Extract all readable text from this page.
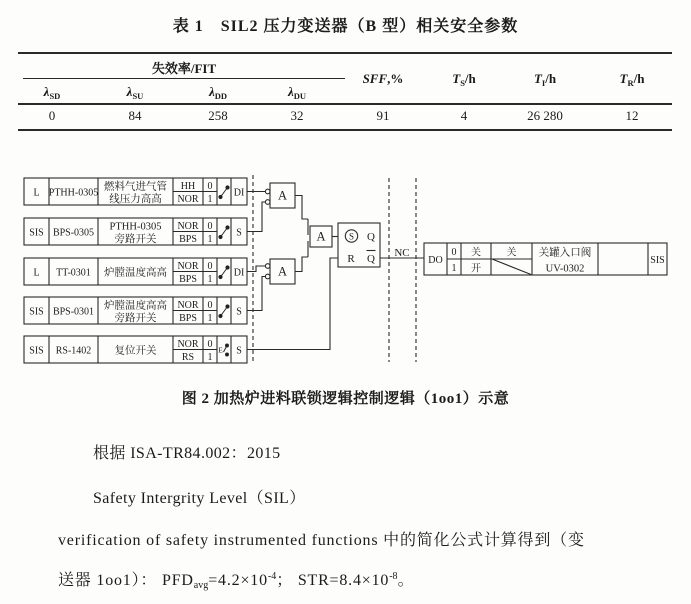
表 1　SIL2 压力变送器（B 型）相关安全参数
失效率/FIT
$\lambda_{SD}$	$\lambda_{SU}$	$\lambda_{DD}$	$\lambda_{DU}$
SFF,%	$T_S/h$	$T_I/h$	$T_R/h$
0	84	258	32	91	4	26 280	12
L PTHH-0305
燃料气进气管
线压力高高
HH 0
NOR 1
DI
SIS BPS-0305
PTHH-0305
旁路开关
NOR 0
BPS 1
S
L TT-0301 炉膛温度高高
NOR 0
BPS 1
DI
SIS BPS-0301
炉膛温度高高
旁路开关
NOR 0
BPS 1
S
SIS RS-1402 复位开关
NOR 0
RS 1
E S
A
A
A	S Q
R Q NC
DO
0
1
关
开
关 关罐入口阀
UV-0302
SIS
图 2 加热炉进料联锁逻辑控制逻辑（1oo1）示意
根据 ISA-TR84.002：2015
Safety Intergrity Level（SIL）
verification of safety instrumented functions 中的简化公式计算得到（变
送器 1oo1）： $PFDavg=4.2\times 10^{-4}$； $STR=8.4\times 10^{-8}$。
